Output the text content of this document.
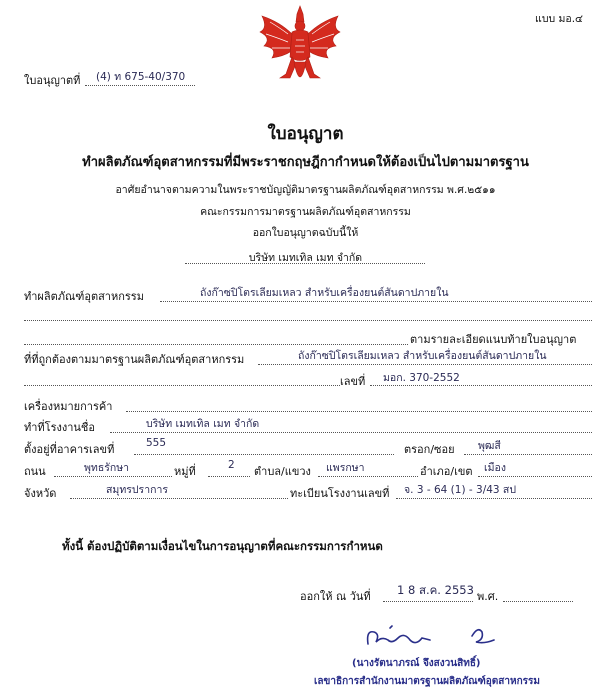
แบบ มอ.๔
ใบอนุญาตที่ (4) ท 675-40/370
ใบอนุญาต
ทำผลิตภัณฑ์อุตสาหกรรมที่มีพระราชกฤษฎีกากำหนดให้ต้องเป็นไปตามมาตรฐาน
อาศัยอำนาจตามความในพระราชบัญญัติมาตรฐานผลิตภัณฑ์อุตสาหกรรม พ.ศ.๒๕๑๑
คณะกรรมการมาตรฐานผลิตภัณฑ์อุตสาหกรรม
ออกใบอนุญาตฉบับนี้ให้
บริษัท เมทเทิล เมท จำกัด
ทำผลิตภัณฑ์อุตสาหกรรม	ถังก๊าซปิโตรเลียมเหลว สำหรับเครื่องยนต์สันดาปภายใน
ตามรายละเอียดแนบท้ายใบอนุญาต
ที่ที่ถูกต้องตามมาตรฐานผลิตภัณฑ์อุตสาหกรรม	ถังก๊าซปิโตรเลียมเหลว สำหรับเครื่องยนต์สันดาปภายใน
เลขที่ มอก. 370-2552
เครื่องหมายการค้า
ทำที่โรงงานชื่อ	บริษัท เมทเทิล เมท จำกัด
ตั้งอยู่ที่อาคารเลขที่	555	ตรอก/ซอย พุฒสี
ถนน	พุทธรักษา	หมู่ที่	2 ตำบล/แขวง แพรกษา	อำเภอ/เขต เมือง
จังหวัด	สมุทรปราการ	ทะเบียนโรงงานเลขที่ จ. 3 - 64 (1) - 3/43 สป
ทั้งนี้ ต้องปฏิบัติตามเงื่อนไขในการอนุญาตที่คณะกรรมการกำหนด
ออกให้ ณ วันที่ 1 8 ส.ค. 2553 พ.ศ.
(นางรัตนาภรณ์ จึงสงวนสิทธิ์)
เลขาธิการสำนักงานมาตรฐานผลิตภัณฑ์อุตสาหกรรม
